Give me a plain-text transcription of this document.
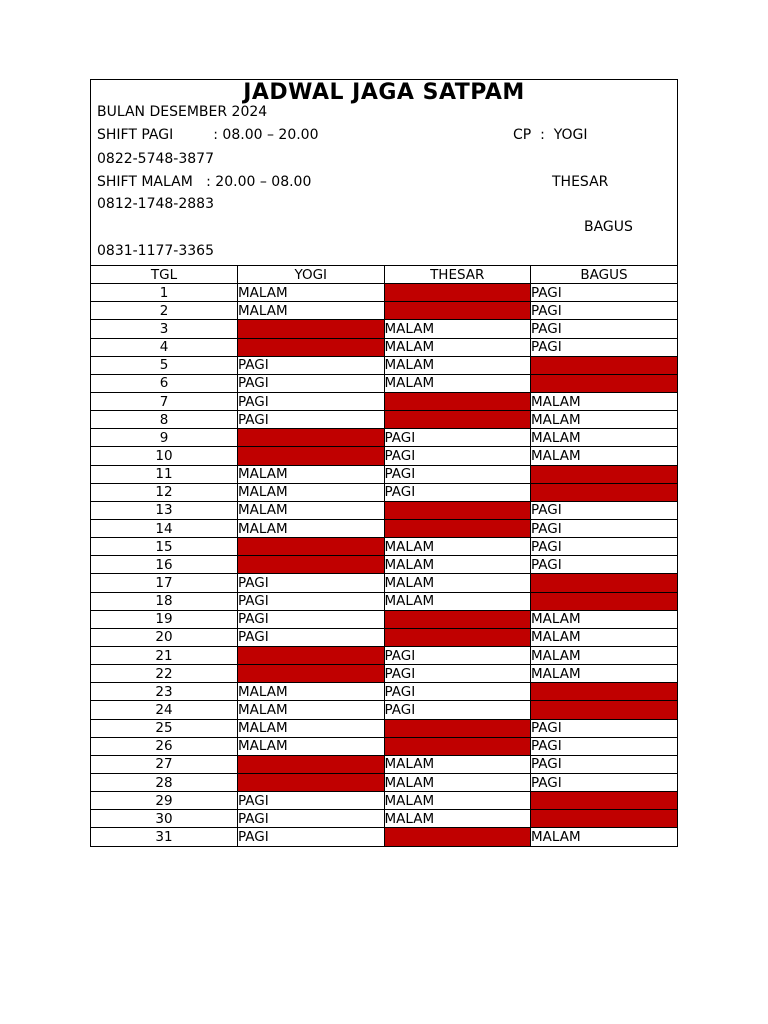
JADWAL JAGA SATPAM
BULAN DESEMBER 2024
SHIFT PAGI         : 08.00 – 20.00	CP  :  YOGI
0822-5748-3877
SHIFT MALAM   : 20.00 – 08.00	THESAR
0812-1748-2883
BAGUS
0831-1177-3365
TGL	YOGI	THESAR	BAGUS
1	MALAM		PAGI
2	MALAM		PAGI
3		MALAM	PAGI
4		MALAM	PAGI
5	PAGI	MALAM	
6	PAGI	MALAM	
7	PAGI		MALAM
8	PAGI		MALAM
9		PAGI	MALAM
10		PAGI	MALAM
11	MALAM	PAGI	
12	MALAM	PAGI	
13	MALAM		PAGI
14	MALAM		PAGI
15		MALAM	PAGI
16		MALAM	PAGI
17	PAGI	MALAM	
18	PAGI	MALAM	
19	PAGI		MALAM
20	PAGI		MALAM
21		PAGI	MALAM
22		PAGI	MALAM
23	MALAM	PAGI	
24	MALAM	PAGI	
25	MALAM		PAGI
26	MALAM		PAGI
27		MALAM	PAGI
28		MALAM	PAGI
29	PAGI	MALAM	
30	PAGI	MALAM	
31	PAGI		MALAM
